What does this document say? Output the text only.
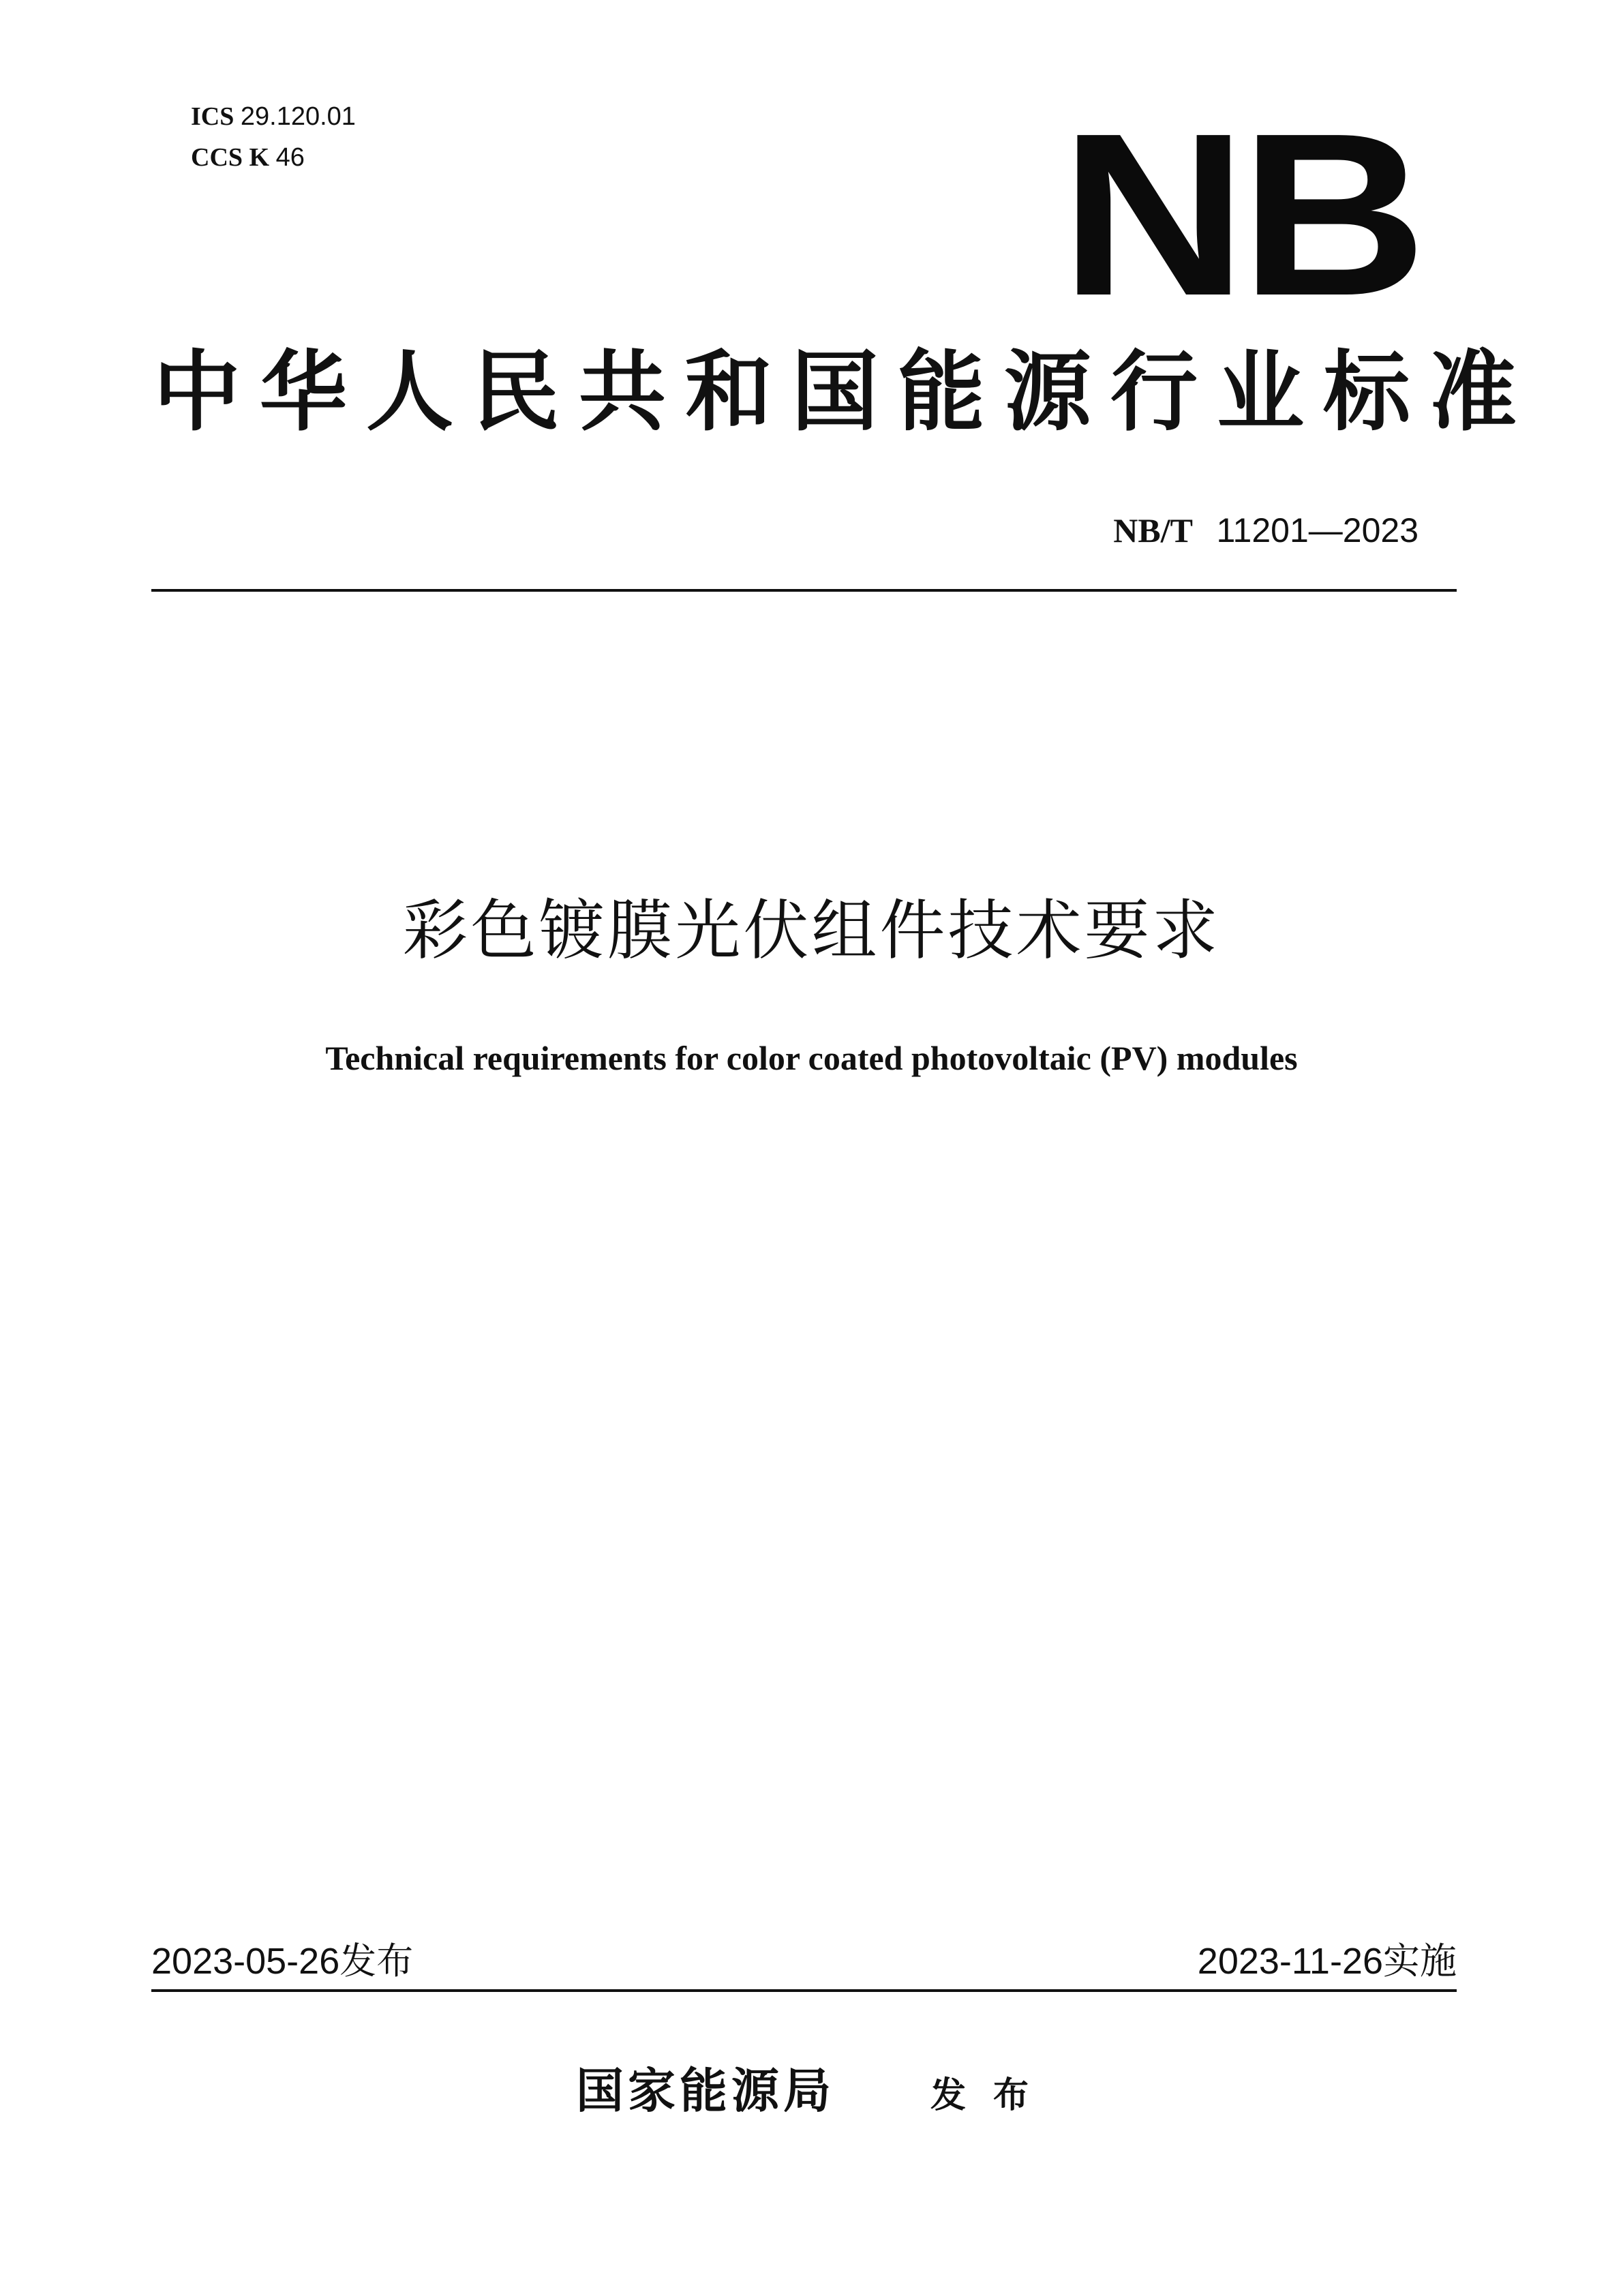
ICS 29.120.01
CCS K 46	NB
中华人民共和国能源行业标准
NB/T 11201—2023
彩色镀膜光伏组件技术要求
Technical requirements for color coated photovoltaic (PV) modules
2023-05-26发布	2023-11-26实施
国家能源局	发布
